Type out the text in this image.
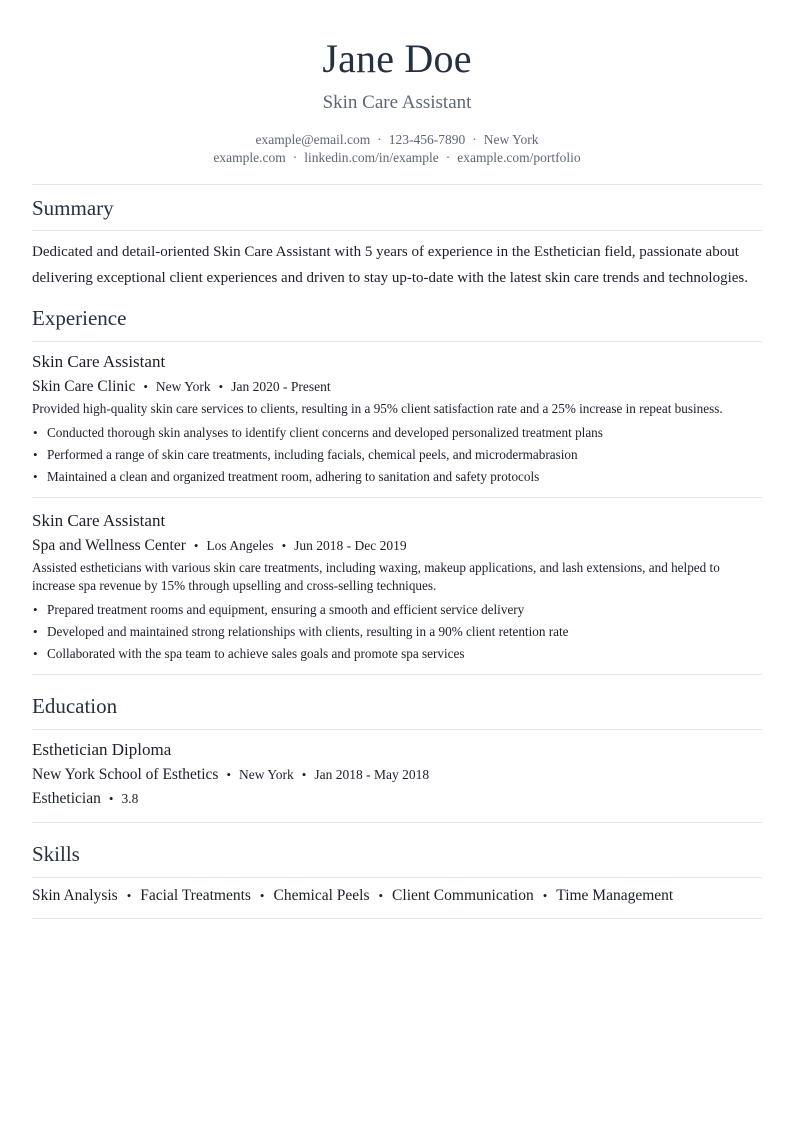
Jane Doe
Skin Care Assistant
example@email.com · 123-456-7890 · New York
example.com · linkedin.com/in/example · example.com/portfolio
Summary
Dedicated and detail-oriented Skin Care Assistant with 5 years of experience in the Esthetician field, passionate about delivering exceptional client experiences and driven to stay up-to-date with the latest skin care trends and technologies.
Experience
Skin Care Assistant
Skin Care Clinic • New York • Jan 2020 - Present
Provided high-quality skin care services to clients, resulting in a 95% client satisfaction rate and a 25% increase in repeat business.
• Conducted thorough skin analyses to identify client concerns and developed personalized treatment plans
• Performed a range of skin care treatments, including facials, chemical peels, and microdermabrasion
• Maintained a clean and organized treatment room, adhering to sanitation and safety protocols
Skin Care Assistant
Spa and Wellness Center • Los Angeles • Jun 2018 - Dec 2019
Assisted estheticians with various skin care treatments, including waxing, makeup applications, and lash extensions, and helped to increase spa revenue by 15% through upselling and cross-selling techniques.
• Prepared treatment rooms and equipment, ensuring a smooth and efficient service delivery
• Developed and maintained strong relationships with clients, resulting in a 90% client retention rate
• Collaborated with the spa team to achieve sales goals and promote spa services
Education
Esthetician Diploma
New York School of Esthetics • New York • Jan 2018 - May 2018
Esthetician • 3.8
Skills
Skin Analysis • Facial Treatments • Chemical Peels • Client Communication • Time Management
